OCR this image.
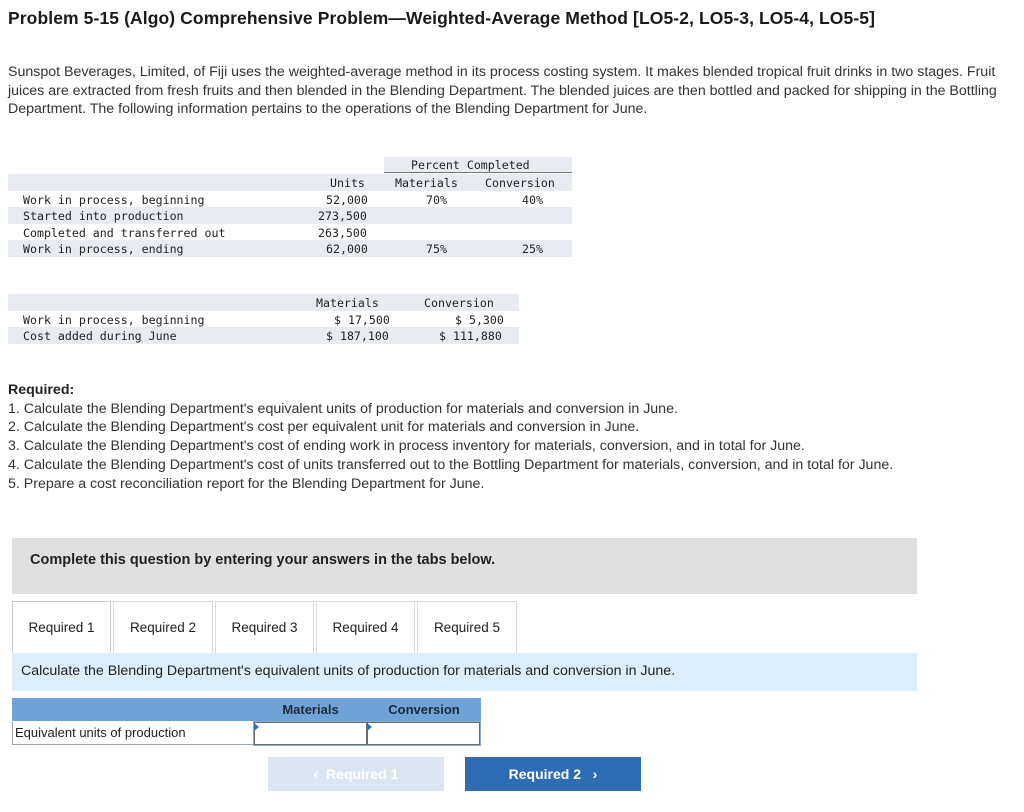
Problem 5-15 (Algo) Comprehensive Problem—Weighted-Average Method [LO5-2, LO5-3, LO5-4, LO5-5]
Sunspot Beverages, Limited, of Fiji uses the weighted-average method in its process costing system. It makes blended tropical fruit drinks in two stages. Fruit juices are extracted from fresh fruits and then blended in the Blending Department. The blended juices are then bottled and packed for shipping in the Bottling Department. The following information pertains to the operations of the Blending Department for June.
Percent Completed
Units	Materials Conversion
Work in process, beginning	52,000	70%	40%
Started into production	273,500
Completed and transferred out	263,500
Work in process, ending	62,000	75%	25%
Materials	Conversion
Work in process, beginning	$ 17,500	$ 5,300
Cost added during June	$ 187,100	$ 111,880
Required:
1. Calculate the Blending Department's equivalent units of production for materials and conversion in June.
2. Calculate the Blending Department's cost per equivalent unit for materials and conversion in June.
3. Calculate the Blending Department's cost of ending work in process inventory for materials, conversion, and in total for June.
4. Calculate the Blending Department's cost of units transferred out to the Bottling Department for materials, conversion, and in total for June.
5. Prepare a cost reconciliation report for the Blending Department for June.
Complete this question by entering your answers in the tabs below.
Required 1	Required 2	Required 3	Required 4	Required 5
Calculate the Blending Department's equivalent units of production for materials and conversion in June.
Materials	Conversion
Equivalent units of production
‹ Required 1	Required 2 ›
